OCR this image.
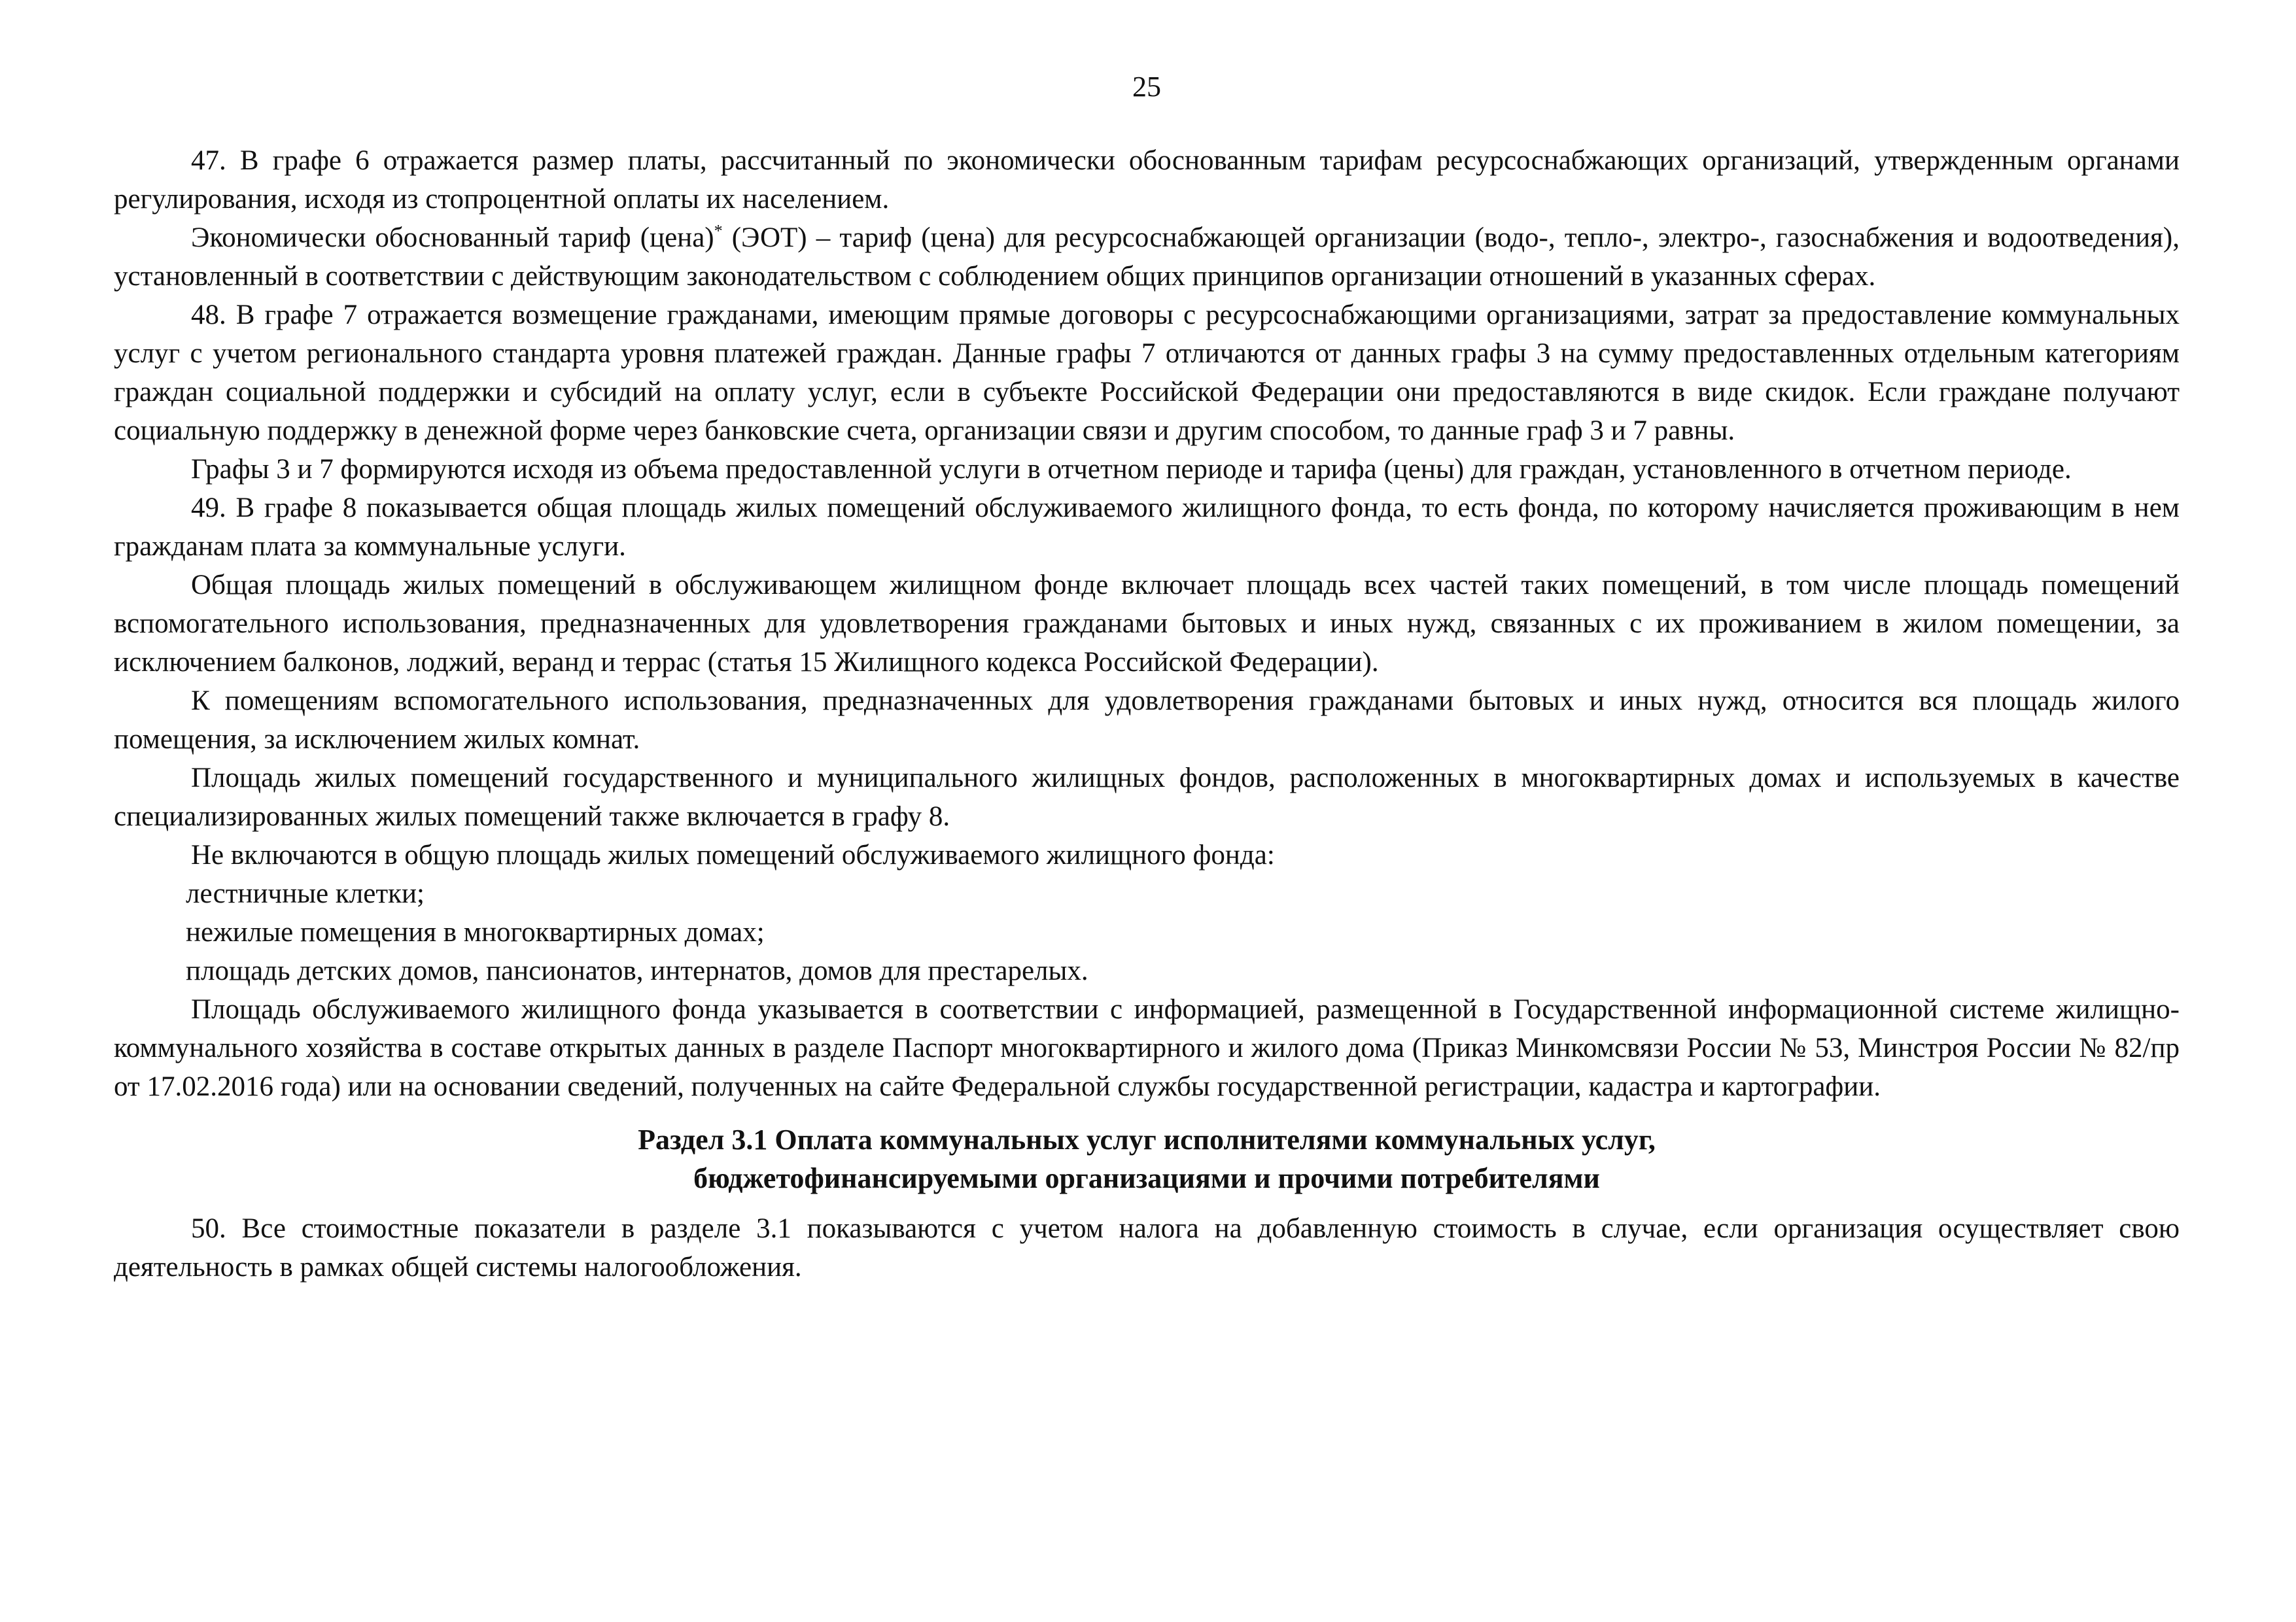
25

47. В графе 6 отражается размер платы, рассчитанный по экономически обоснованным тарифам ресурсоснабжающих организаций, утвержденным органами регулирования, исходя из стопроцентной оплаты их населением.

Экономически обоснованный тариф (цена)* (ЭОТ) – тариф (цена) для ресурсоснабжающей организации (водо-, тепло-, электро-, газоснабжения и водоотведения), установленный в соответствии с действующим законодательством с соблюдением общих принципов организации отношений в указанных сферах.

48. В графе 7 отражается возмещение гражданами, имеющим прямые договоры с ресурсоснабжающими организациями, затрат за предоставление коммунальных услуг с учетом регионального стандарта уровня платежей граждан. Данные графы 7 отличаются от данных графы 3 на сумму предоставленных отдельным категориям граждан социальной поддержки и субсидий на оплату услуг, если в субъекте Российской Федерации они предоставляются в виде скидок. Если граждане получают социальную поддержку в денежной форме через банковские счета, организации связи и другим способом, то данные граф 3 и 7 равны.

Графы 3 и 7 формируются исходя из объема предоставленной услуги в отчетном периоде и тарифа (цены) для граждан, установленного в отчетном периоде.

49. В графе 8 показывается общая площадь жилых помещений обслуживаемого жилищного фонда, то есть фонда, по которому начисляется проживающим в нем гражданам плата за коммунальные услуги.

Общая площадь жилых помещений в обслуживающем жилищном фонде включает площадь всех частей таких помещений, в том числе площадь помещений вспомогательного использования, предназначенных для удовлетворения гражданами бытовых и иных нужд, связанных с их проживанием в жилом помещении, за исключением балконов, лоджий, веранд и террас (статья 15 Жилищного кодекса Российской Федерации).

К помещениям вспомогательного использования, предназначенных для удовлетворения гражданами бытовых и иных нужд, относится вся площадь жилого помещения, за исключением жилых комнат.

Площадь жилых помещений государственного и муниципального жилищных фондов, расположенных в многоквартирных домах и используемых в качестве специализированных жилых помещений также включается в графу 8.

Не включаются в общую площадь жилых помещений обслуживаемого жилищного фонда:

лестничные клетки;

нежилые помещения в многоквартирных домах;

площадь детских домов, пансионатов, интернатов, домов для престарелых.

Площадь обслуживаемого жилищного фонда указывается в соответствии с информацией, размещенной в Государственной информационной системе жилищно-коммунального хозяйства в составе открытых данных в разделе Паспорт многоквартирного и жилого дома (Приказ Минкомсвязи России № 53, Минстроя России № 82/пр от 17.02.2016 года) или на основании сведений, полученных на сайте Федеральной службы государственной регистрации, кадастра и картографии.

Раздел 3.1 Оплата коммунальных услуг исполнителями коммунальных услуг,
бюджетофинансируемыми организациями и прочими потребителями

50. Все стоимостные показатели в разделе 3.1 показываются с учетом налога на добавленную стоимость в случае, если организация осуществляет свою деятельность в рамках общей системы налогообложения.
